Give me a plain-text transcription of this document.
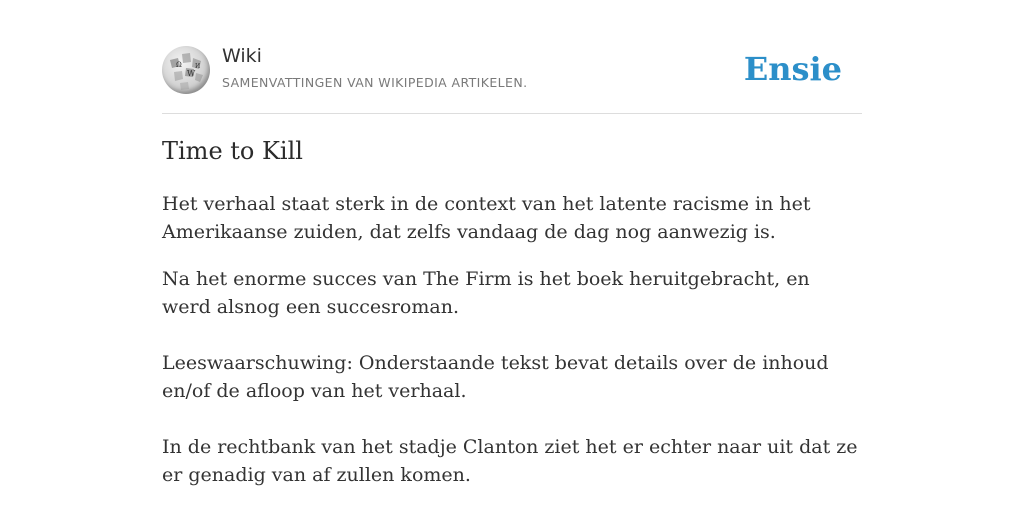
Ω
W
И Wiki
SAMENVATTINGEN VAN WIKIPEDIA ARTIKELEN.	Ensie
Time to Kill

Het verhaal staat sterk in de context van het latente racisme in het Amerikaanse zuiden, dat zelfs vandaag de dag nog aanwezig is.

Na het enorme succes van The Firm is het boek heruitgebracht, en werd alsnog een succesroman.

Leeswaarschuwing: Onderstaande tekst bevat details over de inhoud en/of de afloop van het verhaal.

In de rechtbank van het stadje Clanton ziet het er echter naar uit dat ze er genadig van af zullen komen.
